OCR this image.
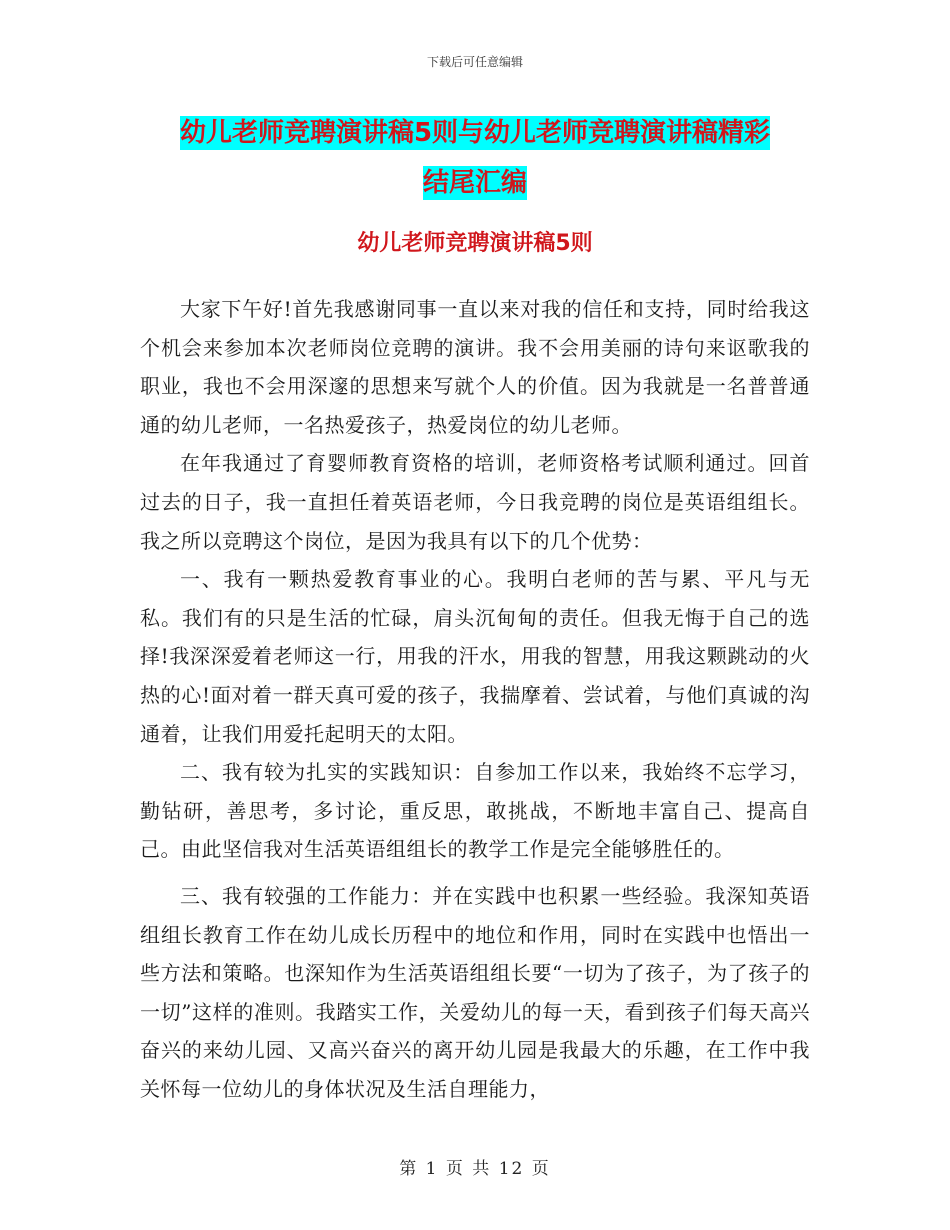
下载后可任意编辑
幼儿老师竞聘演讲稿5则与幼儿老师竞聘演讲稿精彩
结尾汇编
幼儿老师竞聘演讲稿5则

大家下午好!首先我感谢同事一直以来对我的信任和支持，同时给我这个机会来参加本次老师岗位竞聘的演讲。我不会用美丽的诗句来讴歌我的职业，我也不会用深邃的思想来写就个人的价值。因为我就是一名普普通通的幼儿老师，一名热爱孩子，热爱岗位的幼儿老师。

在年我通过了育婴师教育资格的培训，老师资格考试顺利通过。回首过去的日子，我一直担任着英语老师，今日我竞聘的岗位是英语组组长。我之所以竞聘这个岗位，是因为我具有以下的几个优势：

一、我有一颗热爱教育事业的心。我明白老师的苦与累、平凡与无私。我们有的只是生活的忙碌，肩头沉甸甸的责任。但我无悔于自己的选择!我深深爱着老师这一行，用我的汗水，用我的智慧，用我这颗跳动的火热的心!面对着一群天真可爱的孩子，我揣摩着、尝试着，与他们真诚的沟通着，让我们用爱托起明天的太阳。

二、我有较为扎实的实践知识：自参加工作以来，我始终不忘学习，勤钻研，善思考，多讨论，重反思，敢挑战，不断地丰富自己、提高自己。由此坚信我对生活英语组组长的教学工作是完全能够胜任的。

三、我有较强的工作能力：并在实践中也积累一些经验。我深知英语组组长教育工作在幼儿成长历程中的地位和作用，同时在实践中也悟出一些方法和策略。也深知作为生活英语组组长要“一切为了孩子，为了孩子的一切”这样的准则。我踏实工作，关爱幼儿的每一天，看到孩子们每天高兴奋兴的来幼儿园、又高兴奋兴的离开幼儿园是我最大的乐趣，在工作中我关怀每一位幼儿的身体状况及生活自理能力，

第 1 页 共 12 页
